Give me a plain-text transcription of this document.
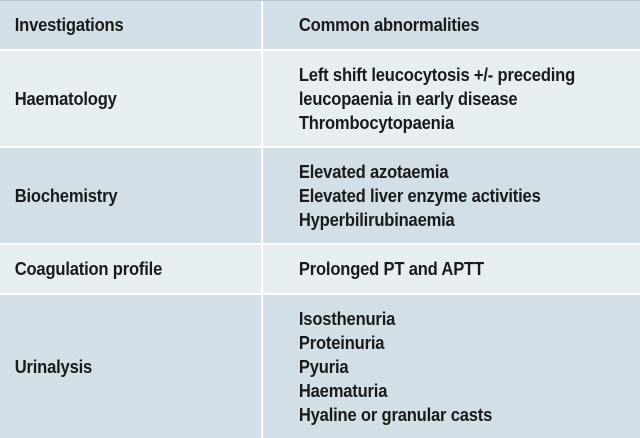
Investigations	Common abnormalities
Haematology
Left shift leucocytosis +/- preceding
leucopaenia in early disease
Thrombocytopaenia
Biochemistry
Elevated azotaemia
Elevated liver enzyme activities
Hyperbilirubinaemia
Coagulation profile	Prolonged PT and APTT
Urinalysis
Isosthenuria
Proteinuria
Pyuria
Haematuria
Hyaline or granular casts
